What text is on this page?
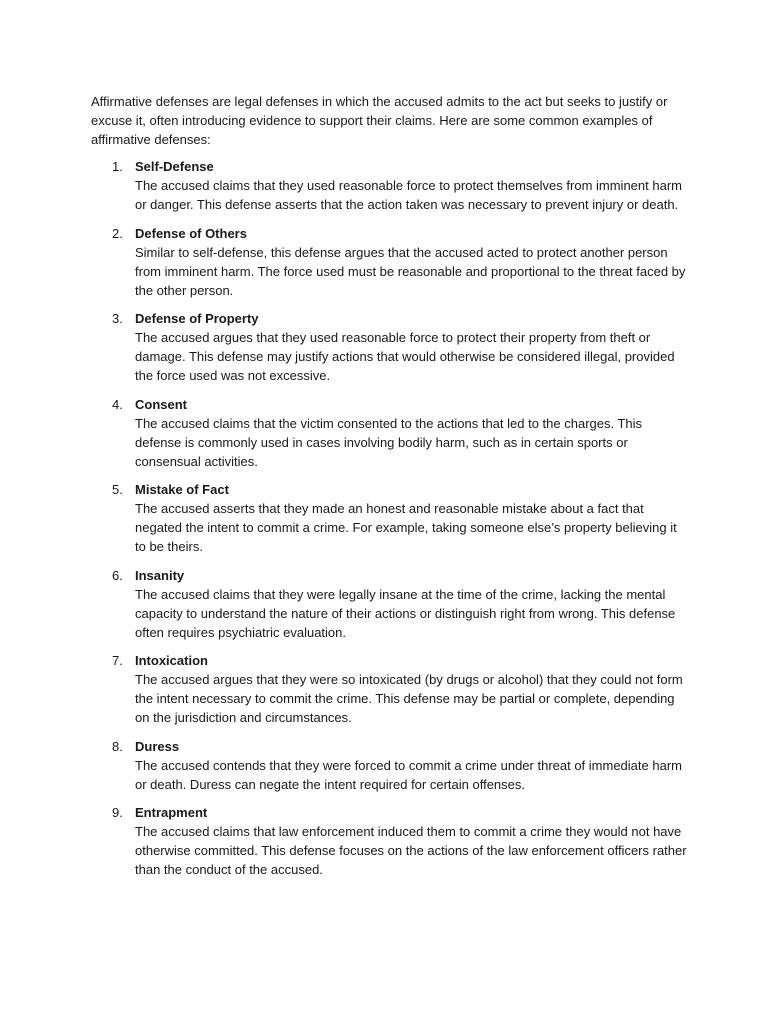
Affirmative defenses are legal defenses in which the accused admits to the act but seeks to justify or excuse it, often introducing evidence to support their claims. Here are some common examples of affirmative defenses:

1. Self-Defense
The accused claims that they used reasonable force to protect themselves from imminent harm or danger. This defense asserts that the action taken was necessary to prevent injury or death.
2. Defense of Others
Similar to self-defense, this defense argues that the accused acted to protect another person from imminent harm. The force used must be reasonable and proportional to the threat faced by the other person.
3. Defense of Property
The accused argues that they used reasonable force to protect their property from theft or damage. This defense may justify actions that would otherwise be considered illegal, provided the force used was not excessive.
4. Consent
The accused claims that the victim consented to the actions that led to the charges. This defense is commonly used in cases involving bodily harm, such as in certain sports or consensual activities.
5. Mistake of Fact
The accused asserts that they made an honest and reasonable mistake about a fact that negated the intent to commit a crime. For example, taking someone else’s property believing it to be theirs.
6. Insanity
The accused claims that they were legally insane at the time of the crime, lacking the mental capacity to understand the nature of their actions or distinguish right from wrong. This defense often requires psychiatric evaluation.
7. Intoxication
The accused argues that they were so intoxicated (by drugs or alcohol) that they could not form the intent necessary to commit the crime. This defense may be partial or complete, depending on the jurisdiction and circumstances.
8. Duress
The accused contends that they were forced to commit a crime under threat of immediate harm or death. Duress can negate the intent required for certain offenses.
9. Entrapment
The accused claims that law enforcement induced them to commit a crime they would not have otherwise committed. This defense focuses on the actions of the law enforcement officers rather than the conduct of the accused.
